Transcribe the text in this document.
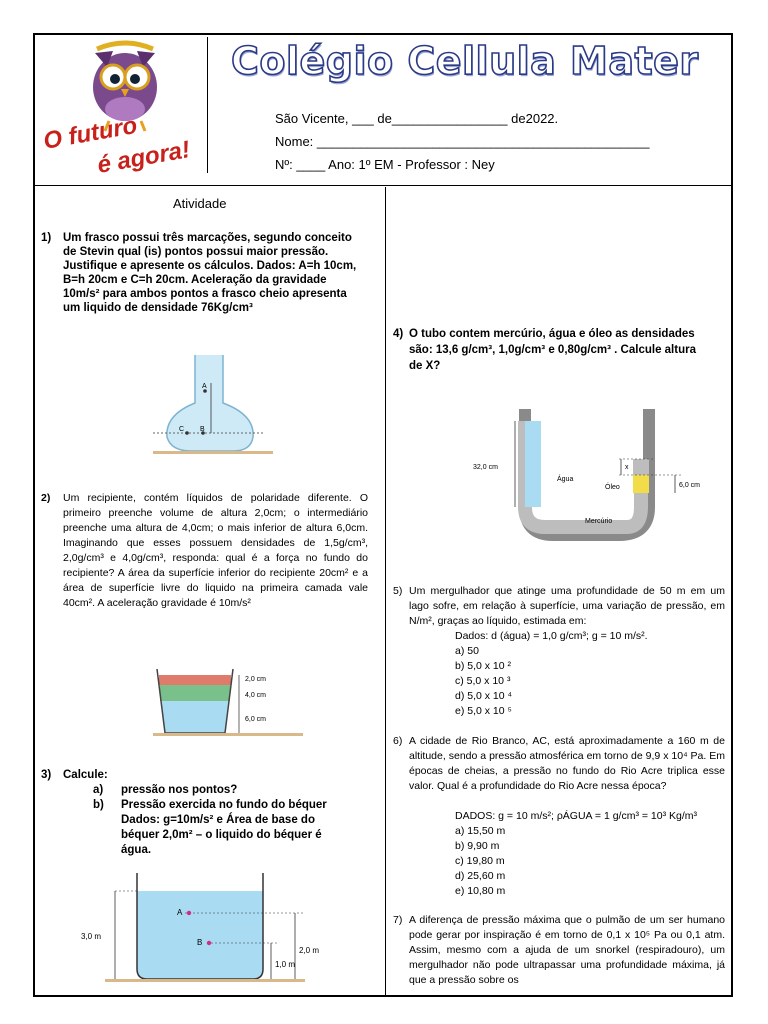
O futuro
é agora!
Colégio Cellula Mater
São Vicente, ___ de________________ de2022.
Nome: ______________________________________________
Nº: ____ Ano: 1º EM - Professor : Ney
Atividade
1) Um frasco possui três marcações, segundo conceito de Stevin qual (is) pontos possui maior pressão. Justifique e apresente os cálculos. Dados: A=h 10cm, B=h 20cm e C=h 20cm. Aceleração da gravidade 10m/s² para ambos pontos a frasco cheio apresenta um liquido de densidade 76Kg/cm³
A
C B
2) Um recipiente, contém líquidos de polaridade diferente. O primeiro preenche volume de altura 2,0cm; o intermediário preenche uma altura de 4,0cm; o mais inferior de altura 6,0cm. Imaginando que esses possuem densidades de 1,5g/cm³, 2,0g/cm³ e 4,0g/cm³, responda: qual é a força no fundo do recipiente? A área da superfície inferior do recipiente 20cm² e a área de superfície livre do liquido na primeira camada vale 40cm². A aceleração gravidade é 10m/s²
2,0 cm
4,0 cm
6,0 cm
3) Calcule:
a) pressão nos pontos?
b) Pressão exercida no fundo do béquer Dados: g=10m/s² e Área de base do béquer 2,0m² – o liquido do béquer é água.
A
B
3,0 m
2,0 m
1,0 m
4) O tubo contem mercúrio, água e óleo as densidades são: 13,6 g/cm³, 1,0g/cm³ e 0,80g/cm³ . Calcule altura de X?
32,0 cm	x
Óleo	6,0 cm
Água
Mercúrio
5) Um mergulhador que atinge uma profundidade de 50 m em um lago sofre, em relação à superfície, uma variação de pressão, em N/m², graças ao líquido, estimada em:
Dados: d (água) = 1,0 g/cm³; g = 10 m/s².
a) 50
b) 5,0 x 10 ²
c) 5,0 x 10 ³
d) 5,0 x 10 ⁴
e) 5,0 x 10 ⁵
6) A cidade de Rio Branco, AC, está aproximadamente a 160 m de altitude, sendo a pressão atmosférica em torno de 9,9 x 10⁴ Pa. Em épocas de cheias, a pressão no fundo do Rio Acre triplica esse valor. Qual é a profundidade do Rio Acre nessa época?
DADOS: g = 10 m/s²; ρÁGUA = 1 g/cm³ = 10³ Kg/m³
a) 15,50 m
b) 9,90 m
c) 19,80 m
d) 25,60 m
e) 10,80 m
7) A diferença de pressão máxima que o pulmão de um ser humano pode gerar por inspiração é em torno de 0,1 x 10⁵ Pa ou 0,1 atm. Assim, mesmo com a ajuda de um snorkel (respiradouro), um mergulhador não pode ultrapassar uma profundidade máxima, já que a pressão sobre os
